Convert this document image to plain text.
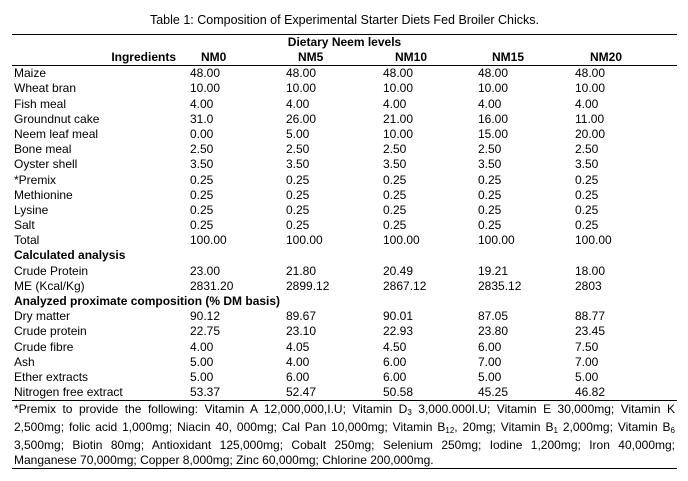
Table 1: Composition of Experimental Starter Diets Fed Broiler Chicks.
Dietary Neem levels
Ingredients NM0	NM5	NM10	NM15	NM20
Maize	48.00	48.00	48.00	48.00	48.00
Wheat bran	10.00	10.00	10.00	10.00	10.00
Fish meal	4.00	4.00	4.00	4.00	4.00
Groundnut cake	31.0	26.00	21.00	16.00	11.00
Neem leaf meal	0.00	5.00	10.00	15.00	20.00
Bone meal	2.50	2.50	2.50	2.50	2.50
Oyster shell	3.50	3.50	3.50	3.50	3.50
*Premix	0.25	0.25	0.25	0.25	0.25
Methionine	0.25	0.25	0.25	0.25	0.25
Lysine	0.25	0.25	0.25	0.25	0.25
Salt	0.25	0.25	0.25	0.25	0.25
Total	100.00	100.00	100.00	100.00	100.00
Calculated analysis
Crude Protein	23.00	21.80	20.49	19.21	18.00
ME (Kcal/Kg)	2831.20	2899.12	2867.12	2835.12	2803
Analyzed proximate composition (% DM basis)
Dry matter	90.12	89.67	90.01	87.05	88.77
Crude protein	22.75	23.10	22.93	23.80	23.45
Crude fibre	4.00	4.05	4.50	6.00	7.50
Ash	5.00	4.00	6.00	7.00	7.00
Ether extracts	5.00	6.00	6.00	5.00	5.00
Nitrogen free extract	53.37	52.47	50.58	45.25	46.82
*Premix to provide the following: Vitamin A 12,000,000,I.U; Vitamin $D_3$ 3,000.000I.U; Vitamin E 30,000mg; Vitamin K 2,500mg; folic acid 1,000mg; Niacin 40, 000mg; Cal Pan 10,000mg; Vitamin $B_{12}$, 20mg; Vitamin $B_1$ 2,000mg; Vitamin $B_6$ 3,500mg; Biotin 80mg; Antioxidant 125,000mg; Cobalt 250mg; Selenium 250mg; Iodine 1,200mg; Iron 40,000mg; Manganese 70,000mg; Copper 8,000mg; Zinc 60,000mg; Chlorine 200,000mg.
